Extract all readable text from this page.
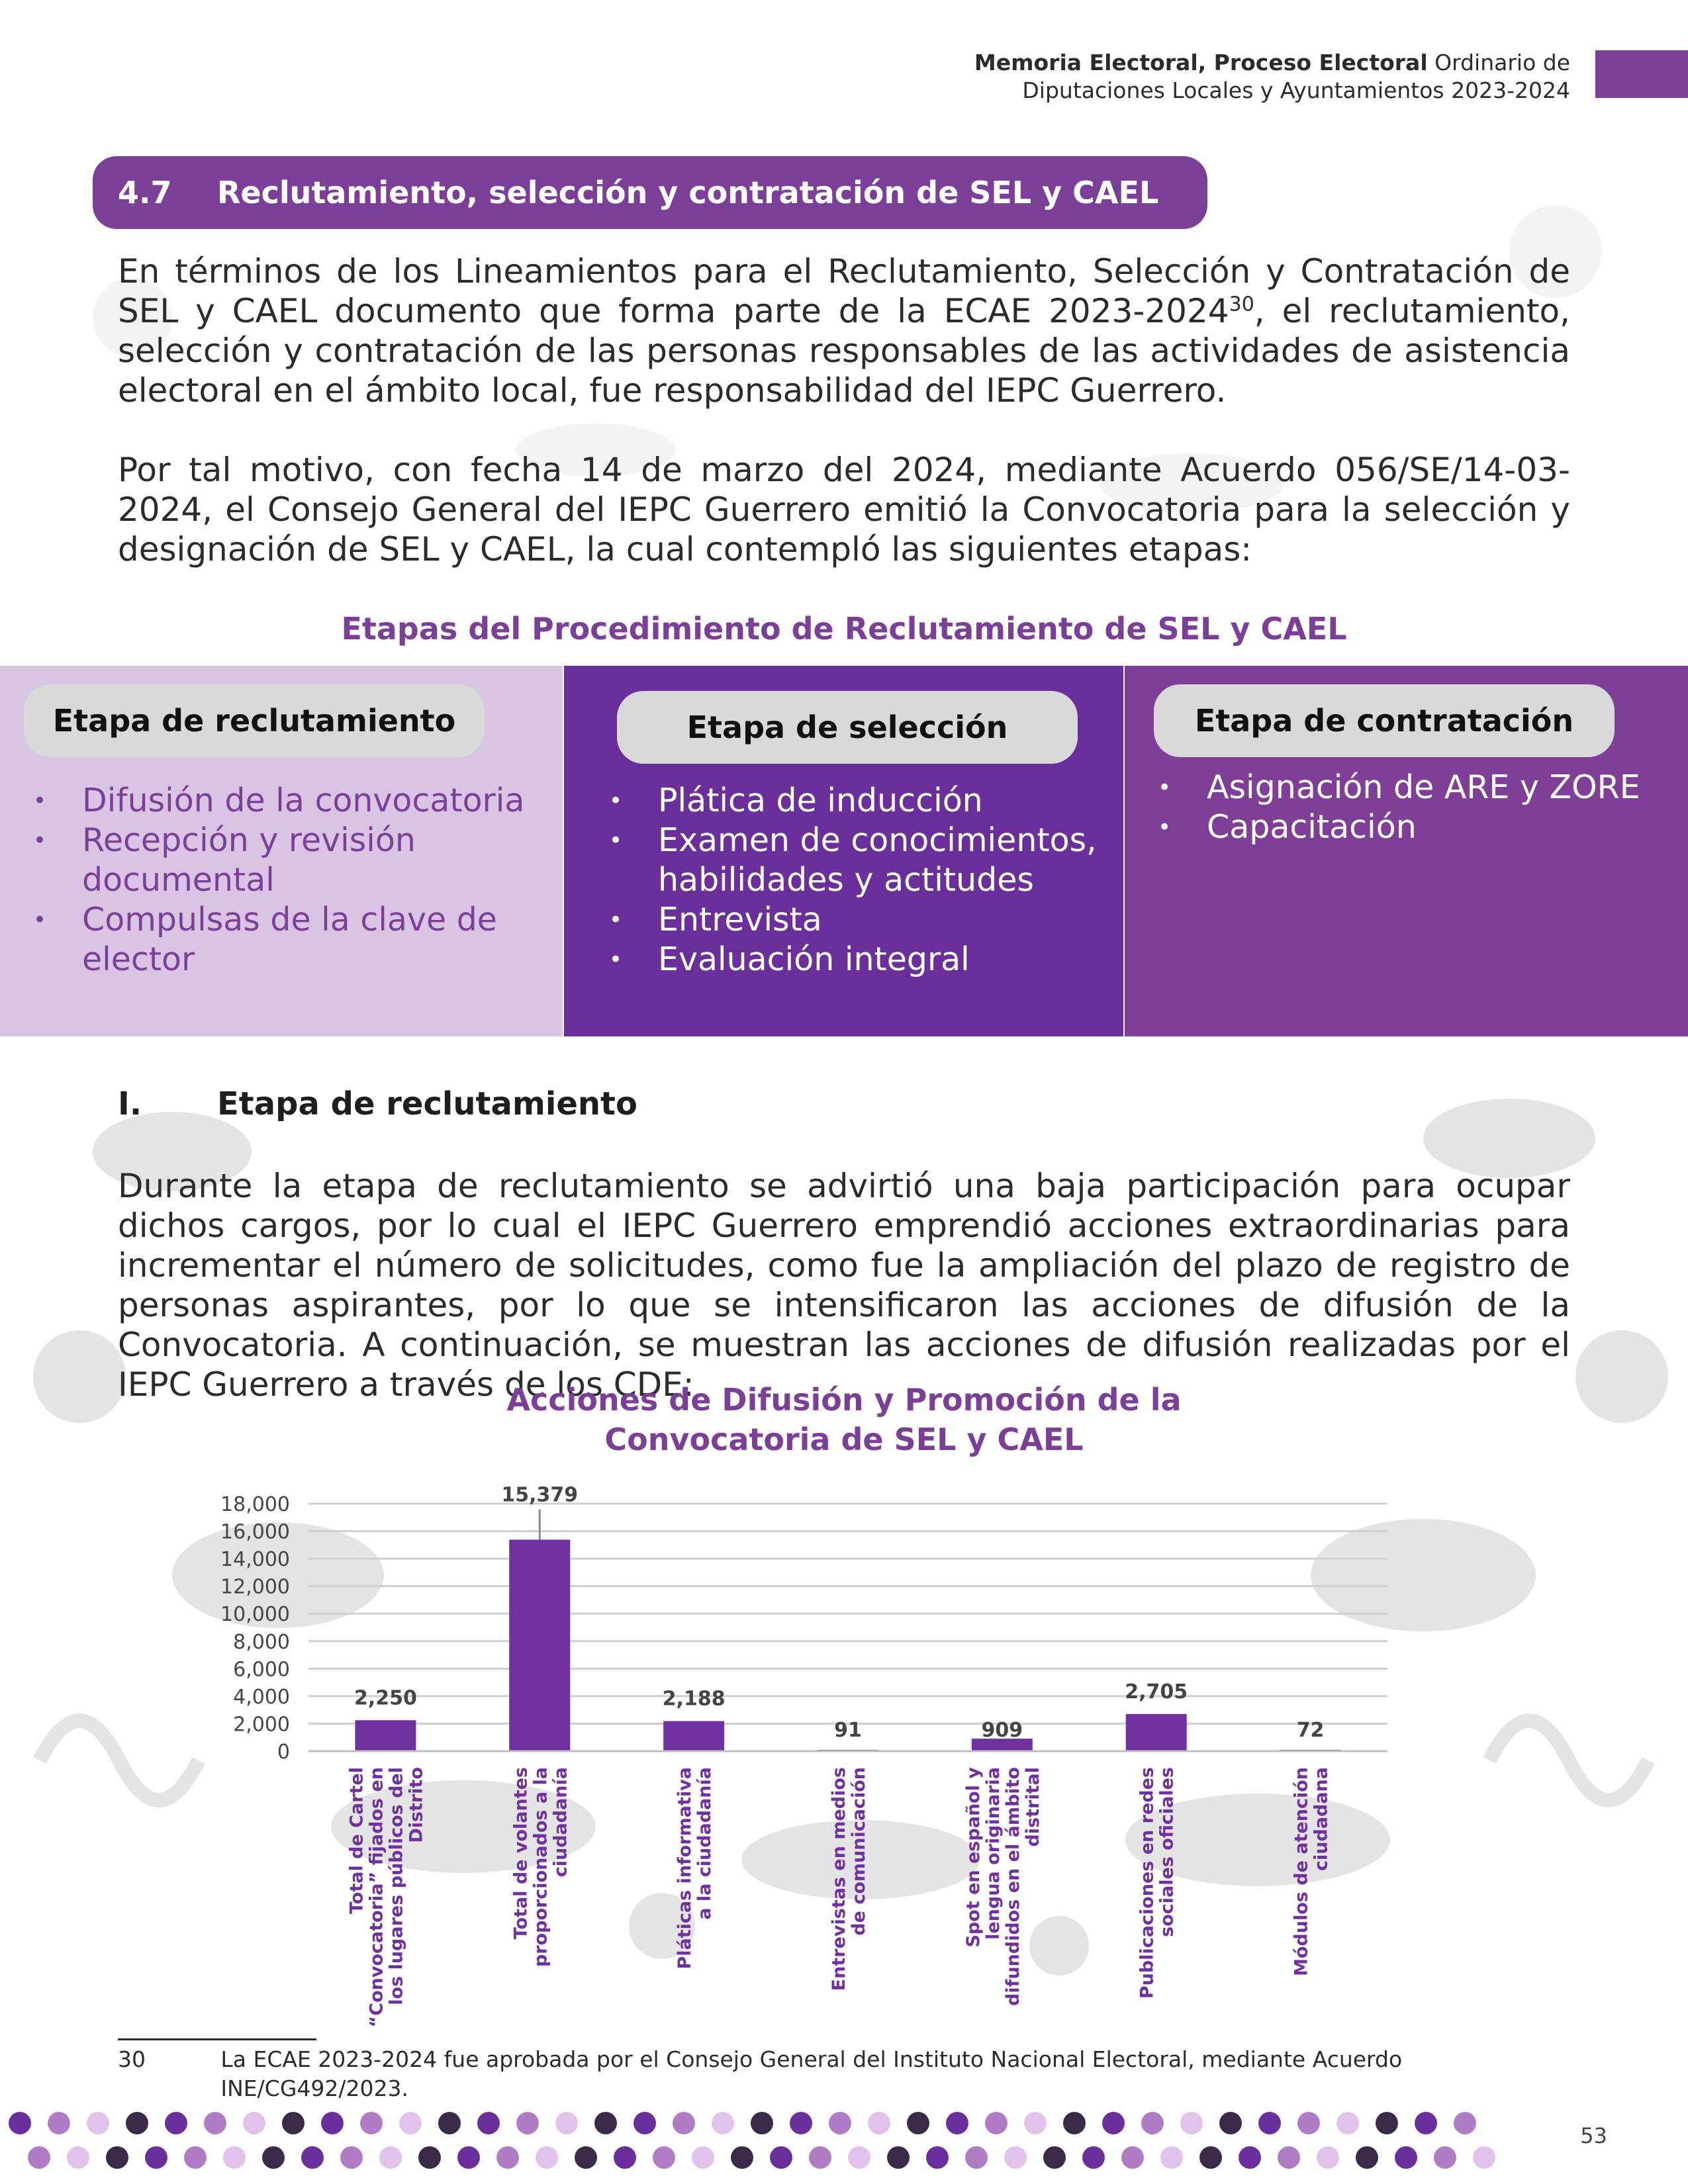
Memoria Electoral, Proceso Electoral Ordinario de
Diputaciones Locales y Ayuntamientos 2023-2024
4.7	Reclutamiento, selección y contratación de SEL y CAEL
En términos de los Lineamientos para el Reclutamiento, Selección y Contratación de SEL y CAEL documento que forma parte de la ECAE 2023-2024$^{30}$, el reclutamiento, selección y contratación de las personas responsables de las actividades de asistencia electoral en el ámbito local, fue responsabilidad del IEPC Guerrero.
Por tal motivo, con fecha 14 de marzo del 2024, mediante Acuerdo 056/SE/14-03-2024, el Consejo General del IEPC Guerrero emitió la Convocatoria para la selección y designación de SEL y CAEL, la cual contempló las siguientes etapas:
Etapas del Procedimiento de Reclutamiento de SEL y CAEL
Etapa de reclutamiento
• Difusión de la convocatoria
• Recepción y revisión documental
• Compulsas de la clave de elector
Etapa de selección
• Plática de inducción
• Examen de conocimientos, habilidades y actitudes
• Entrevista
• Evaluación integral
Etapa de contratación
• Asignación de ARE y ZORE
• Capacitación
I.	Etapa de reclutamiento
Durante la etapa de reclutamiento se advirtió una baja participación para ocupar dichos cargos, por lo cual el IEPC Guerrero emprendió acciones extraordinarias para incrementar el número de solicitudes, como fue la ampliación del plazo de registro de personas aspirantes, por lo que se intensificaron las acciones de difusión de la Convocatoria. A continuación, se muestran las acciones de difusión realizadas por el IEPC Guerrero a través de los CDE:
Acciones de Difusión y Promoción de la
Convocatoria de SEL y CAEL
0
2,000
4,000
6,000
8,000
10,000
12,000
14,000
16,000
18,000
2,250
Total de Cartel “Convocatoria” fijados en los lugares públicos del Distrito
15,379
Total de volantes proporcionados a la ciudadanía
2,188
Pláticas informativa a la ciudadanía
91
Entrevistas en medios de comunicación
909
Spot en español y lengua originaria difundidos en el ámbito distrital
2,705
Publicaciones en redes sociales oficiales
72
Módulos de atención ciudadana
30	La ECAE 2023-2024 fue aprobada por el Consejo General del Instituto Nacional Electoral, mediante Acuerdo INE/CG492/2023.
53
